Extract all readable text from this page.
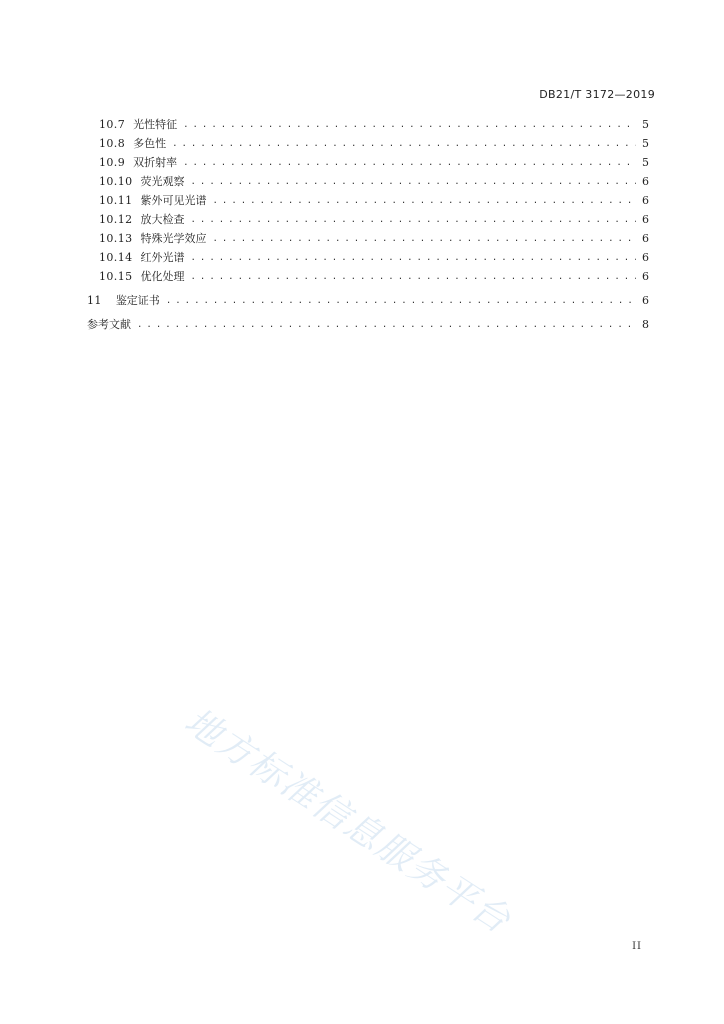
DB21/T 3172—2019
10.7 光性特征 .....	5
10.8 多色性 .....	5
10.9 双折射率 .....	5
10.10 荧光观察 .....	6
10.11 紫外可见光谱 .....	6
10.12 放大检查 .....	6
10.13 特殊光学效应 .....	6
10.14 红外光谱 .....	6
10.15 优化处理 .....	6
11 鉴定证书 .....	6
参考文献 .....	8
地方标准信息服务平台
II
